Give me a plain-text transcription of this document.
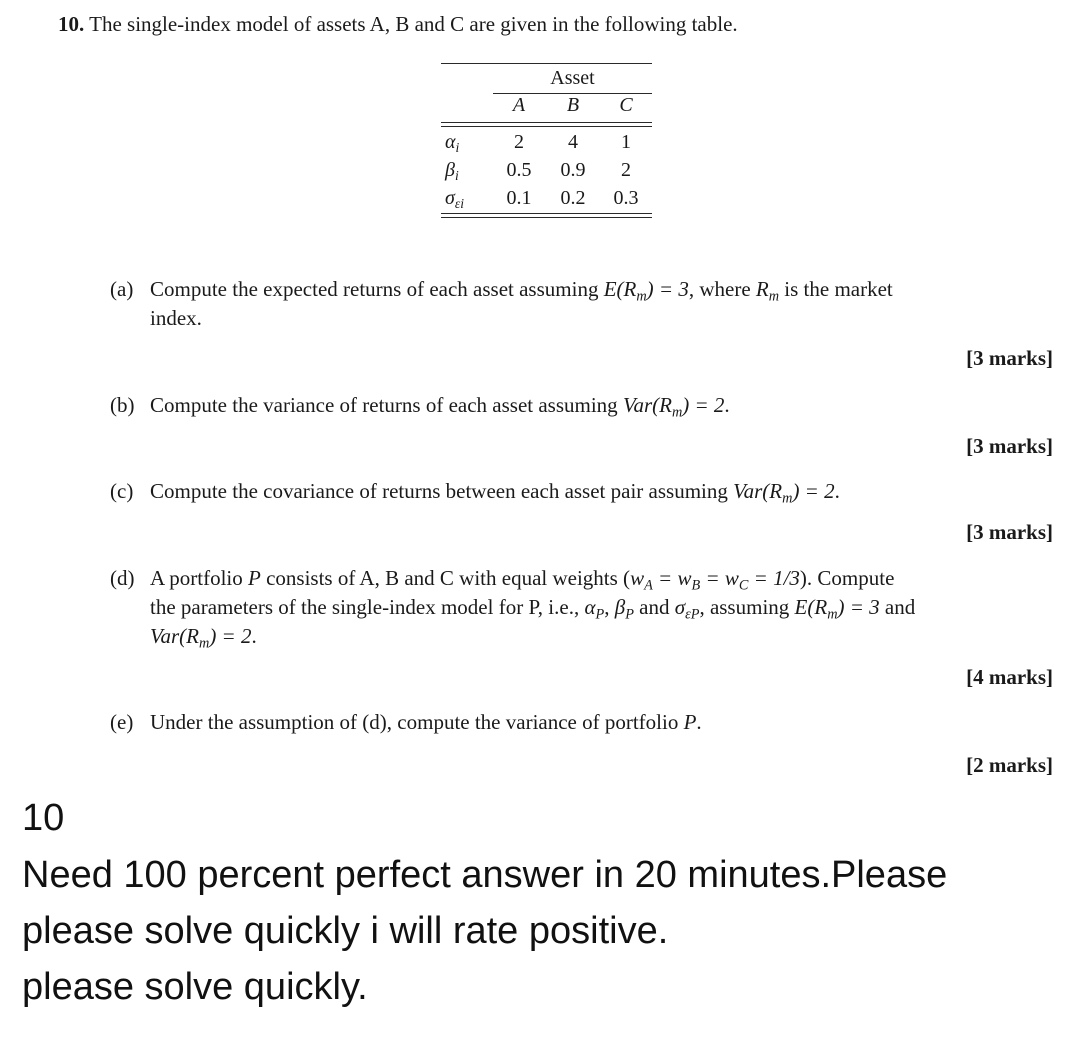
10. The single-index model of assets A, B and C are given in the following table.
Asset
A	B	C
$\alpha_i$	2	4	1
$\beta_i$	0.5	0.9	2
$\sigma_{\varepsilon i}$	0.1	0.2	0.3
(a) Compute the expected returns of each asset assuming $E(R_m) = 3$, where $R_m$ is the market
index.
[3 marks]
(b) Compute the variance of returns of each asset assuming $Var(R_m) = 2$.
[3 marks]
(c) Compute the covariance of returns between each asset pair assuming $Var(R_m) = 2$.
[3 marks]
(d) A portfolio P consists of A, B and C with equal weights $(w_A = w_B = w_C = 1/3)$. Compute
the parameters of the single-index model for P, i.e., $\alpha_P$, $\beta_P$ and $\sigma_{\varepsilon P}$, assuming $E(R_m) = 3$ and
$Var(R_m) = 2$.
[4 marks]
(e) Under the assumption of (d), compute the variance of portfolio P.
[2 marks]
10
Need 100 percent perfect answer in 20 minutes.Please
please solve quickly i will rate positive.
please solve quickly.
